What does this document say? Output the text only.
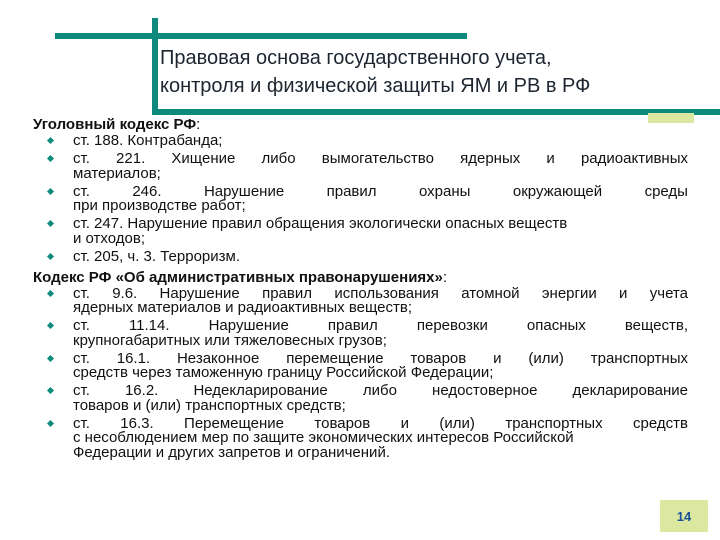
Правовая основа государственного учета,
контроля и физической защиты ЯМ и РВ в РФ
Уголовный кодекс РФ:
ст. 188. Контрабанда;
ст. 221. Хищение либо вымогательство ядерных и радиоактивных
материалов;
ст.	246.	Нарушение	правил	охраны	окружающей	среды
при производстве работ;
ст. 247. Нарушение правил обращения экологически опасных веществ
и отходов;
ст. 205, ч. 3. Терроризм.
Кодекс РФ «Об административных правонарушениях»:
ст. 9.6. Нарушение правил использования атомной энергии и учета
ядерных материалов и радиоактивных веществ;
ст.	11.14.	Нарушение	правил	перевозки	опасных	веществ,
крупногабаритных или тяжеловесных грузов;
ст. 16.1. Незаконное перемещение товаров и (или) транспортных
средств через таможенную границу Российской Федерации;
ст. 16.2. Недекларирование либо недостоверное декларирование
товаров и (или) транспортных средств;
ст. 16.3. Перемещение товаров и (или) транспортных средств
с несоблюдением мер по защите экономических интересов Российской
Федерации и других запретов и ограничений.
14
